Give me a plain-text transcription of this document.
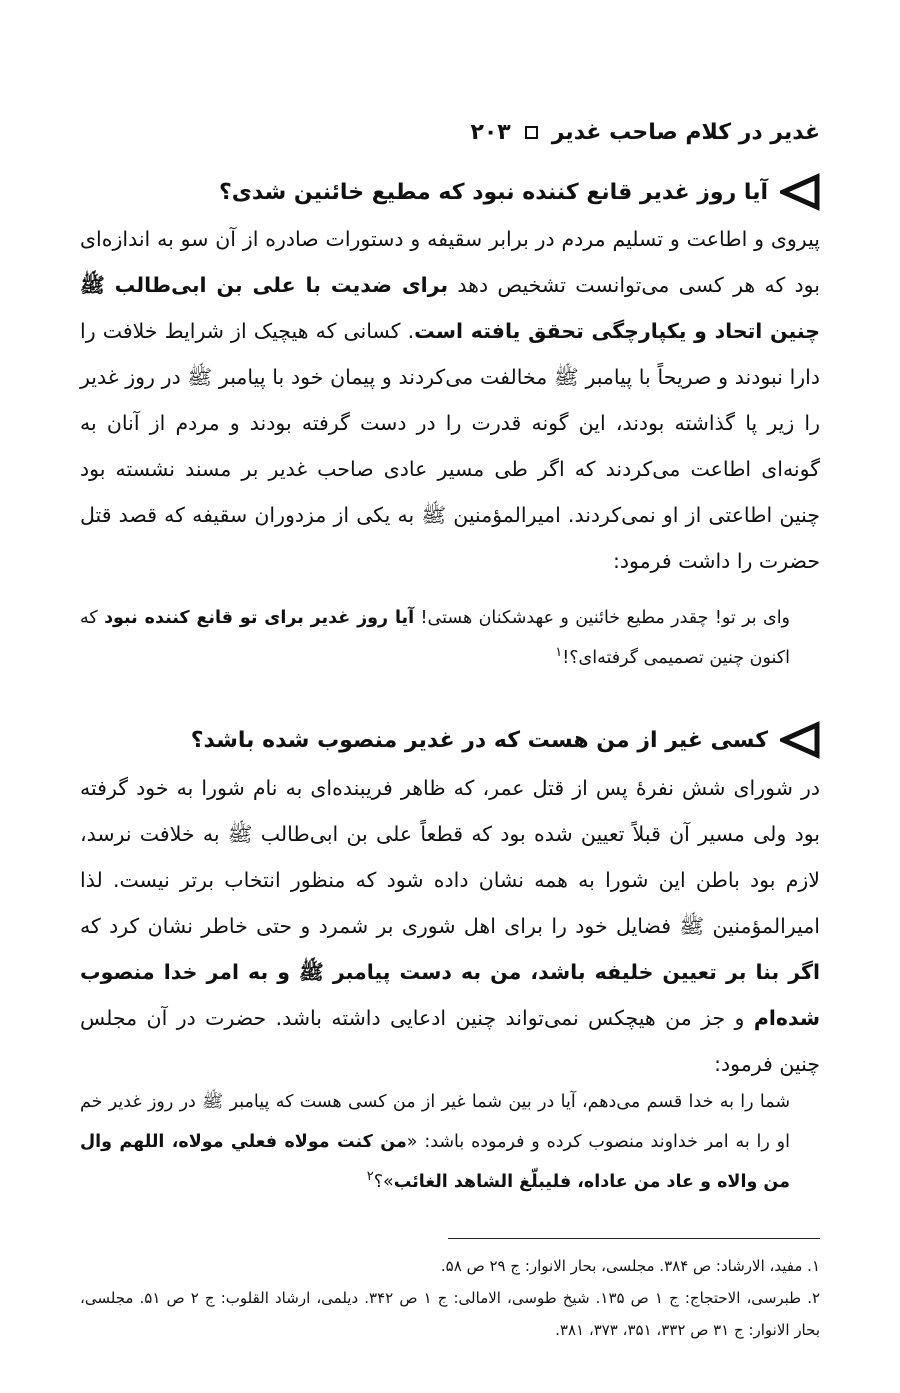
غدیر در کلام صاحب غدیر
۲۰۳
آیا روز غدیر قانع کننده نبود که مطیع خائنین شدی؟
پیروی و اطاعت و تسلیم مردم در برابر سقیفه و دستورات صادره از آن سو به اندازه‌ای بود که هر کسی می‌توانست تشخیص دهد برای ضدیت با علی بن ابی‌طالب ﷺ چنین اتحاد و یکپارچگی تحقق یافته است. کسانی که هیچیک از شرایط خلافت را دارا نبودند و صریحاً با پیامبر ﷺ مخالفت می‌کردند و پیمان خود با پیامبر ﷺ در روز غدیر را زیر پا گذاشته بودند، این گونه قدرت را در دست گرفته بودند و مردم از آنان به گونه‌ای اطاعت می‌کردند که اگر طی مسیر عادی صاحب غدیر بر مسند نشسته بود چنین اطاعتی از او نمی‌کردند. امیرالمؤمنین ﷺ به یکی از مزدوران سقیفه که قصد قتل حضرت را داشت فرمود:
وای بر تو! چقدر مطیع خائنین و عهدشکنان هستی! آیا روز غدیر برای تو قانع کننده نبود که اکنون چنین تصمیمی گرفته‌ای؟!$^۱$
کسی غیر از من هست که در غدیر منصوب شده باشد؟
در شورای شش نفرهٔ پس از قتل عمر، که ظاهر فریبنده‌ای به نام شورا به خود گرفته بود ولی مسیر آن قبلاً تعیین شده بود که قطعاً علی بن ابی‌طالب ﷺ به خلافت نرسد، لازم بود باطن این شورا به همه نشان داده شود که منظور انتخاب برتر نیست. لذا امیرالمؤمنین ﷺ فضایل خود را برای اهل شوری بر شمرد و حتی خاطر نشان کرد که اگر بنا بر تعیین خلیفه باشد، من به دست پیامبر ﷺ و به امر خدا منصوب شده‌ام و جز من هیچکس نمی‌تواند چنین ادعایی داشته باشد. حضرت در آن مجلس چنین فرمود:
شما را به خدا قسم می‌دهم، آیا در بین شما غیر از من کسی هست که پیامبر ﷺ در روز غدیر خم او را به امر خداوند منصوب کرده و فرموده باشد: «من کنت مولاه فعلي مولاه، اللهم وال من والاه و عاد من عاداه، فليبلّغ الشاهد الغائب»؟$^۲$
۱. مفید، الارشاد: ص ۳۸۴. مجلسی، بحار الانوار: ج ۲۹ ص ۵۸.
۲. طبرسی، الاحتجاج: ج ۱ ص ۱۳۵. شیخ طوسی، الامالی: ج ۱ ص ۳۴۲. دیلمی، ارشاد القلوب: ج ۲ ص ۵۱. مجلسی، بحار الانوار: ج ۳۱ ص ۳۳۲، ۳۵۱، ۳۷۳، ۳۸۱.
